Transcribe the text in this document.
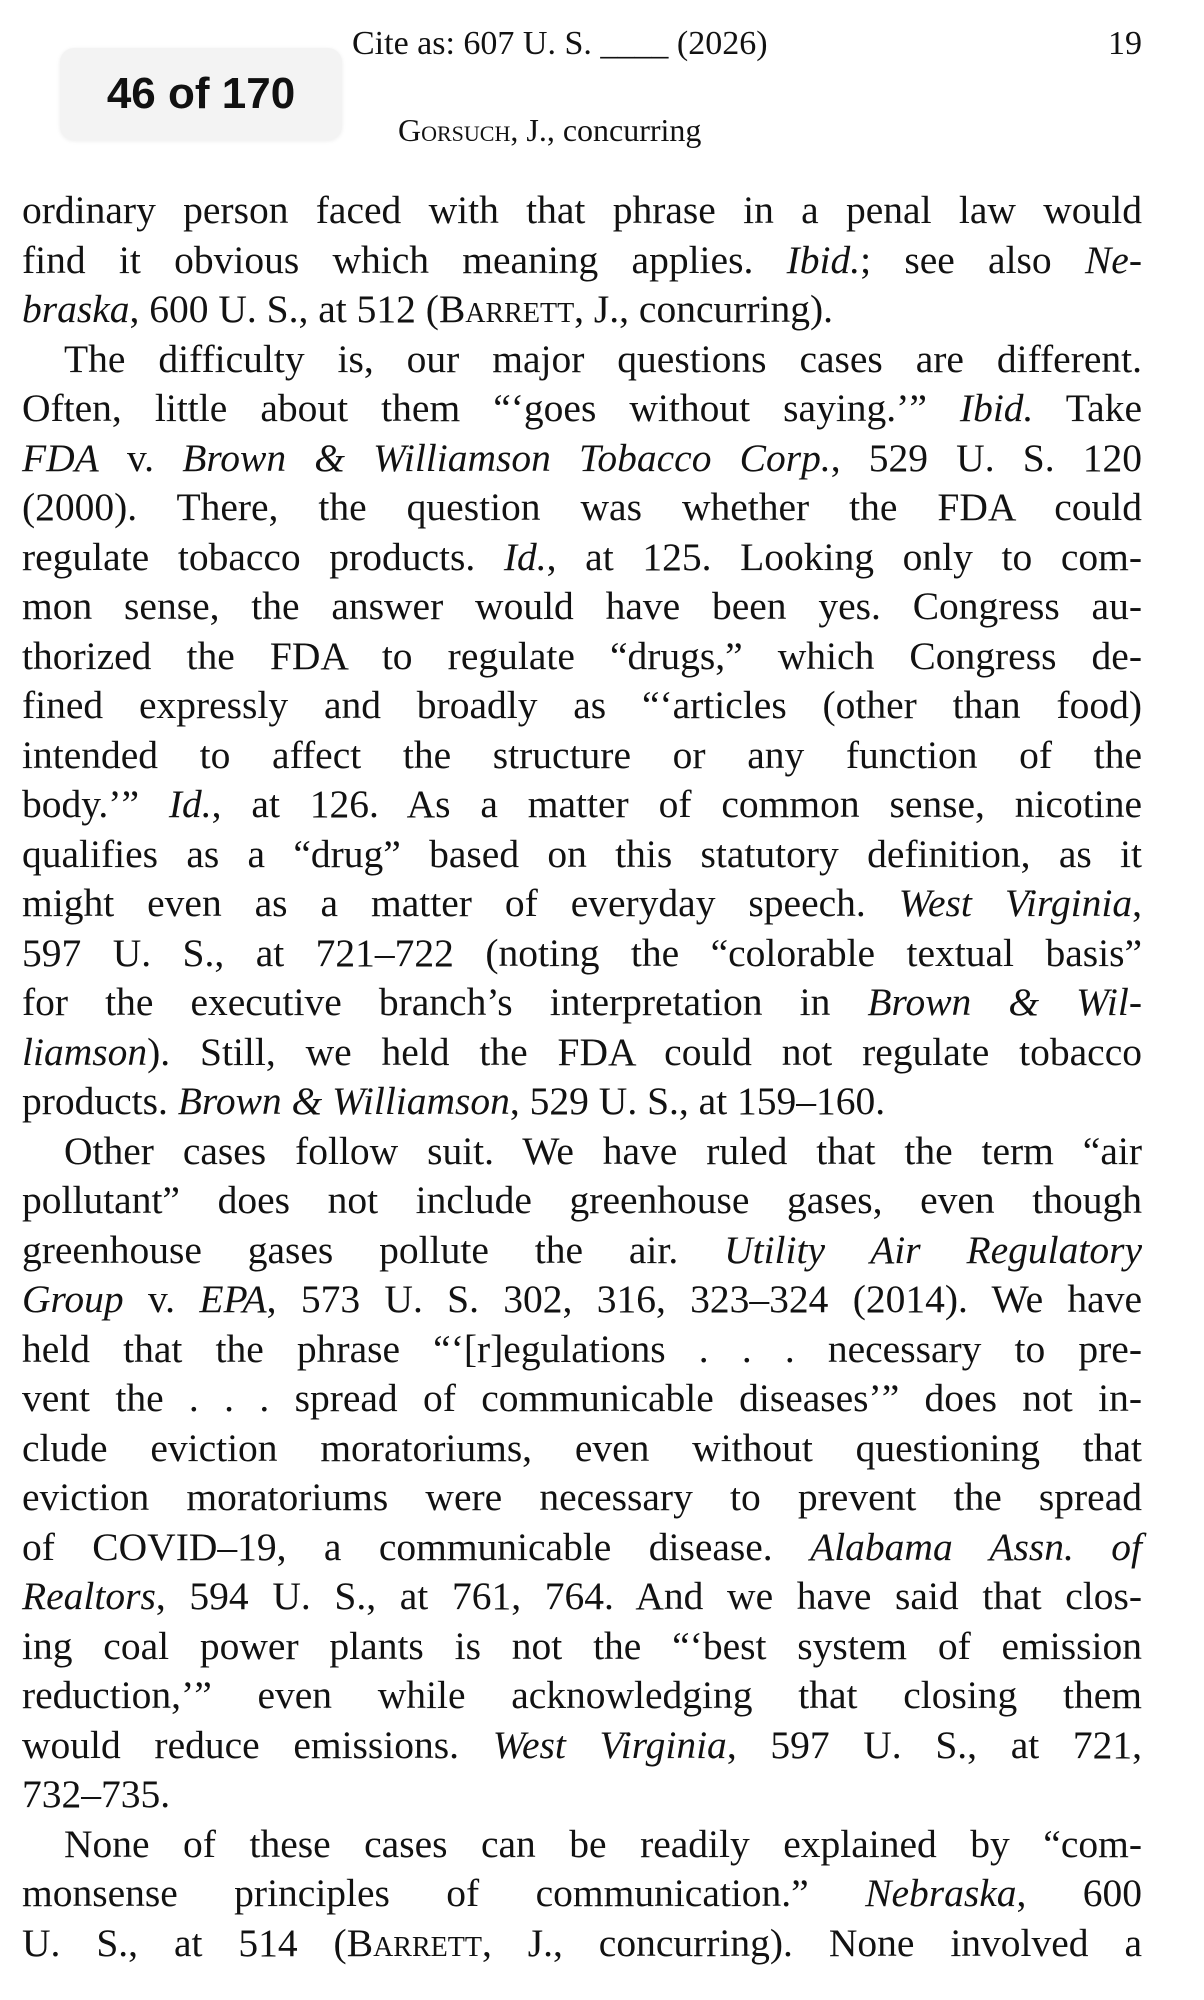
Cite as: 607 U. S. ____ (2026)	19
Gorsuch, J., concurring
46 of 170
ordinary person faced with that phrase in a penal law would
find it obvious which meaning applies. Ibid.; see also Ne-
braska, 600 U. S., at 512 (Barrett, J., concurring).
The difficulty is, our major questions cases are different.
Often, little about them “‘goes without saying.’” Ibid. Take
FDA v. Brown & Williamson Tobacco Corp., 529 U. S. 120
(2000). There, the question was whether the FDA could
regulate tobacco products. Id., at 125. Looking only to com-
mon sense, the answer would have been yes. Congress au-
thorized the FDA to regulate “drugs,” which Congress de-
fined expressly and broadly as “‘articles (other than food)
intended to affect the structure or any function of the
body.’” Id., at 126. As a matter of common sense, nicotine
qualifies as a “drug” based on this statutory definition, as it
might even as a matter of everyday speech. West Virginia,
597 U. S., at 721–722 (noting the “colorable textual basis”
for the executive branch’s interpretation in Brown & Wil-
liamson). Still, we held the FDA could not regulate tobacco
products. Brown & Williamson, 529 U. S., at 159–160.
Other cases follow suit. We have ruled that the term “air
pollutant” does not include greenhouse gases, even though
greenhouse gases pollute the air. Utility Air Regulatory
Group v. EPA, 573 U. S. 302, 316, 323–324 (2014). We have
held that the phrase “‘[r]egulations . . . necessary to pre-
vent the . . . spread of communicable diseases’” does not in-
clude eviction moratoriums, even without questioning that
eviction moratoriums were necessary to prevent the spread
of COVID–19, a communicable disease. Alabama Assn. of
Realtors, 594 U. S., at 761, 764. And we have said that clos-
ing coal power plants is not the “‘best system of emission
reduction,’” even while acknowledging that closing them
would reduce emissions. West Virginia, 597 U. S., at 721,
732–735.
None of these cases can be readily explained by “com-
monsense principles of communication.” Nebraska, 600
U. S., at 514 (Barrett, J., concurring). None involved a
